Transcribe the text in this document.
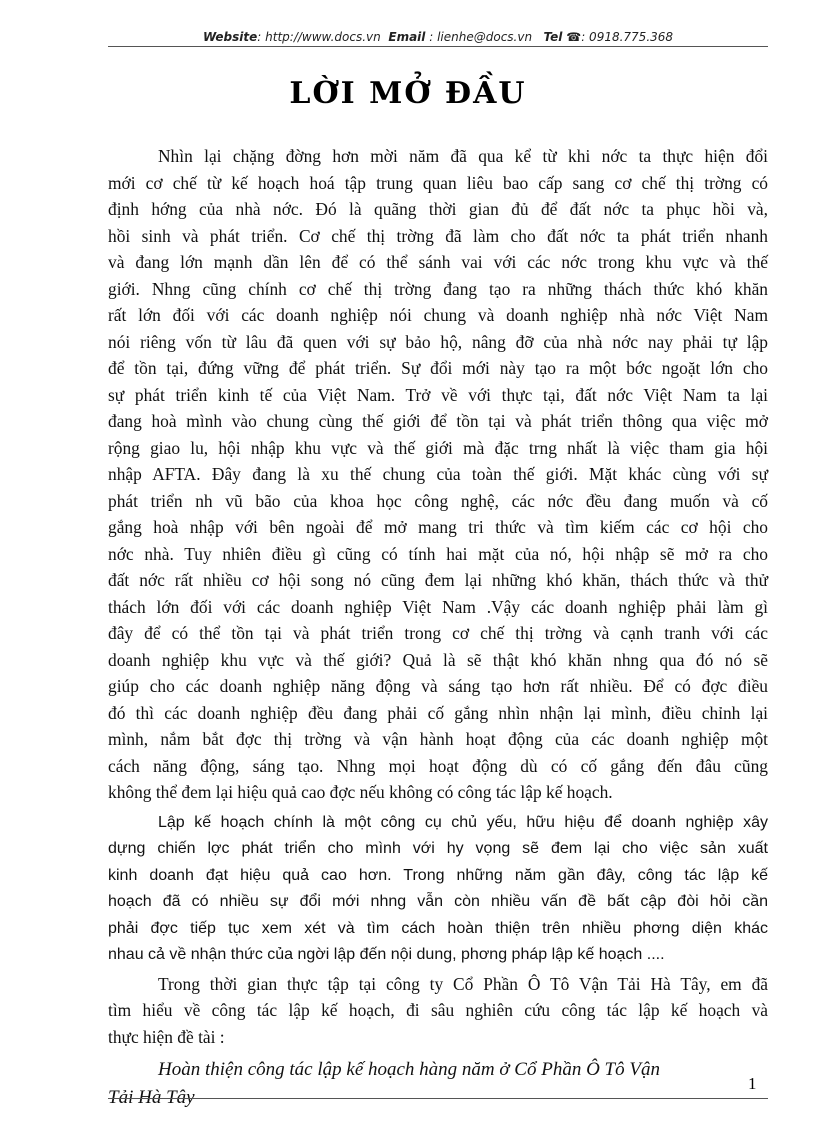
Website: http://www.docs.vn Email : lienhe@docs.vn Tel ☎: 0918.775.368
LỜI MỞ ĐẦU

Nhìn lại chặng đờng hơn mời năm đã qua kể từ khi nớc ta thực hiện đổi
mới cơ chế từ kế hoạch hoá tập trung quan liêu bao cấp sang cơ chế thị trờng có
định hớng của nhà nớc. Đó là quãng thời gian đủ để đất nớc ta phục hồi và,
hồi sinh và phát triển. Cơ chế thị trờng đã làm cho đất nớc ta phát triển nhanh
và đang lớn mạnh dần lên để có thể sánh vai với các nớc trong khu vực và thế
giới. Nhng cũng chính cơ chế thị trờng đang tạo ra những thách thức khó khăn
rất lớn đối với các doanh nghiệp nói chung và doanh nghiệp nhà nớc Việt Nam
nói riêng vốn từ lâu đã quen với sự bảo hộ, nâng đỡ của nhà nớc nay phải tự lập
để tồn tại, đứng vững để phát triển. Sự đổi mới này tạo ra một bớc ngoặt lớn cho
sự phát triển kinh tế của Việt Nam. Trở về với thực tại, đất nớc Việt Nam ta lại
đang hoà mình vào chung cùng thế giới để tồn tại và phát triển thông qua việc mở
rộng giao lu, hội nhập khu vực và thế giới mà đặc trng nhất là việc tham gia hội
nhập AFTA. Đây đang là xu thế chung của toàn thế giới. Mặt khác cùng với sự
phát triển nh vũ bão của khoa học công nghệ, các nớc đều đang muốn và cố
gắng hoà nhập với bên ngoài để mở mang tri thức và tìm kiếm các cơ hội cho
nớc nhà. Tuy nhiên điều gì cũng có tính hai mặt của nó, hội nhập sẽ mở ra cho
đất nớc rất nhiều cơ hội song nó cũng đem lại những khó khăn, thách thức và thử
thách lớn đối với các doanh nghiệp Việt Nam .Vậy các doanh nghiệp phải làm gì
đây để có thể tồn tại và phát triển trong cơ chế thị trờng và cạnh tranh với các
doanh nghiệp khu vực và thế giới? Quả là sẽ thật khó khăn nhng qua đó nó sẽ
giúp cho các doanh nghiệp năng động và sáng tạo hơn rất nhiều. Để có đợc điều
đó thì các doanh nghiệp đều đang phải cố gắng nhìn nhận lại mình, điều chỉnh lại
mình, nắm bắt đợc thị trờng và vận hành hoạt động của các doanh nghiệp một
cách năng động, sáng tạo. Nhng mọi hoạt động dù có cố gắng đến đâu cũng
không thể đem lại hiệu quả cao đợc nếu không có công tác lập kế hoạch.

Lập kế hoạch chính là một công cụ chủ yếu, hữu hiệu để doanh nghiệp xây
dựng chiến lợc phát triển cho mình với hy vọng sẽ đem lại cho việc sản xuất
kinh doanh đạt hiệu quả cao hơn. Trong những năm gần đây, công tác lập kế
hoạch đã có nhiều sự đổi mới nhng vẫn còn nhiều vấn đề bất cập đòi hỏi cần
phải đợc tiếp tục xem xét và tìm cách hoàn thiện trên nhiều phơng diện khác
nhau cả về nhận thức của ngời lập đến nội dung, phơng pháp lập kế hoạch ....

Trong thời gian thực tập tại công ty Cổ Phần Ô Tô Vận Tải Hà Tây, em đã
tìm hiểu về công tác lập kế hoạch, đi sâu nghiên cứu công tác lập kế hoạch và
thực hiện đề tài :

Hoàn thiện công tác lập kế hoạch hàng năm ở Cổ Phần Ô Tô Vận
Tải Hà Tây

1
